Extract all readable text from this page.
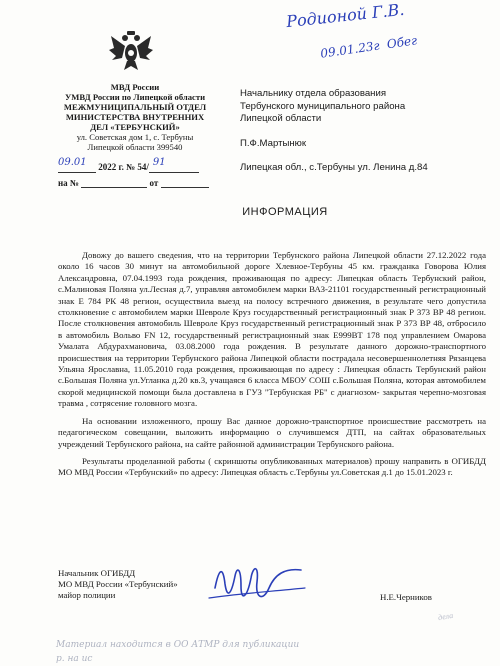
Родионой Г.В.
09.01.23г Обег
МВД России
УМВД России по Липецкой области
МЕЖМУНИЦИПАЛЬНЫЙ ОТДЕЛ
МИНИСТЕРСТВА ВНУТРЕННИХ
ДЕЛ «ТЕРБУНСКИЙ»
ул. Советская дом 1, с. Тербуны
Липецкой области 399540
Начальнику отдела образования
Тербунского муниципального района
Липецкой области
П.Ф.Мартынюк
Липецкая обл., с.Тербуны ул. Ленина д.84

09.01 2022 г. № 54/ 91
на №	от
ИНФОРМАЦИЯ

Довожу до вашего сведения, что на территории Тербунского района Липецкой области 27.12.2022 года около 16 часов 30 минут на автомобильной дороге Хлевное-Тербуны 45 км. гражданка Говорова Юлия Александровна, 07.04.1993 года рождения, проживающая по адресу: Липецкая область Тербунский район, с.Малиновая Поляна ул.Лесная д.7, управляя автомобилем марки ВАЗ-21101 государственный регистрационный знак Е 784 РК 48 регион, осуществила выезд на полосу встречного движения, в результате чего допустила столкновение с автомобилем марки Шевроле Круз государственный регистрационный знак Р 373 ВР 48 регион. После столкновения автомобиль Шевроле Круз государственный регистрационный знак Р 373 ВР 48, отбросило в автомобиль Вольво FN 12, государственный регистрационный знак Е999ВТ 178 под управлением Омарова Умалата Абдурахмановича, 03.08.2000 года рождения. В результате данного дорожно-транспортного происшествия на территории Тербунского района Липецкой области пострадала несовершеннолетняя Рязанцева Ульяна Ярославна, 11.05.2010 года рождения, проживающая по адресу : Липецкая область Тербунский район с.Большая Поляна ул.Угланка д.20 кв.3, учащаяся 6 класса МБОУ СОШ с.Большая Поляна, которая автомобилем скорой медицинской помощи была доставлена в ГУЗ "Тербунская РБ" с диагнозом- закрытая черепно-мозговая травма , сотрясение головного мозга.

На основании изложенного, прошу Вас данное дорожно-транспортное происшествие рассмотреть на педагогическом совещании, выложить информацию о случившемся ДТП, на сайтах образовательных учреждений Тербунского района, на сайте районной администрации Тербунского района.

Результаты проделанной работы ( скриншоты опубликованных материалов) прошу направить в ОГИБДД МО МВД России «Тербунский» по адресу: Липецкая область с.Тербуны ул.Советская д.1 до 15.01.2023 г.

Начальник ОГИБДД
МО МВД России «Тербунский»
майор полиции	Н.Е.Черников
Материал находится в ОО АТМР для публикации
р. на ис
дела
